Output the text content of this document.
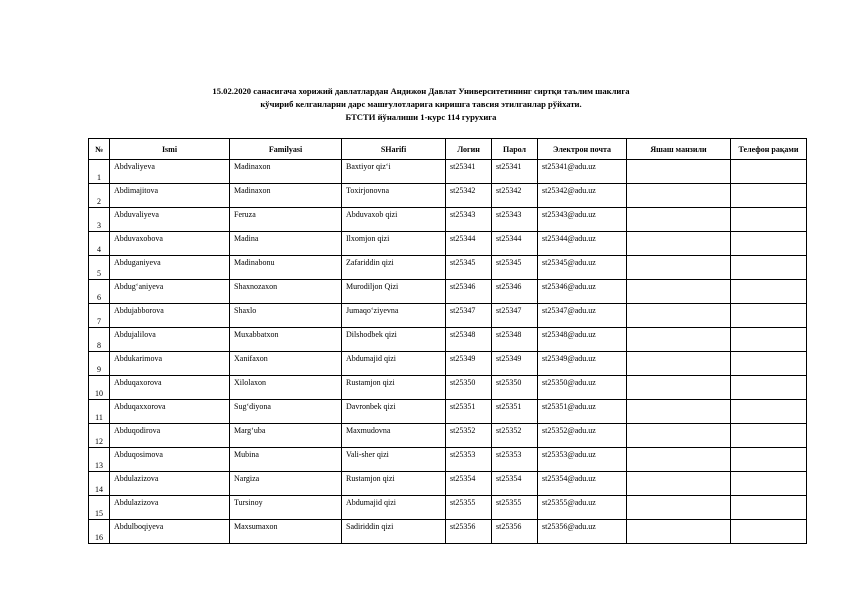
15.02.2020 санасигача хорижий давлатлардан Андижон Давлат Университетининг сиртқи таълим шаклига
кўчириб келганларни дарс машғулотларига киришга тавсия этилганлар рўйхати.
БТСТИ йўналиши 1-курс 114 гурухига
№	Ismi	Familyasi	SHarifi	Логин	Парол	Электрон почта	Яшаш манзили	Телефон рақами
1	Abdvaliyeva	Madinaxon	Baxtiyor qiz‘i	st25341	st25341	st25341@adu.uz		
2	Abdimajitova	Madinaxon	Toxirjonovna	st25342	st25342	st25342@adu.uz		
3	Abduvaliyeva	Feruza	Abduvaxob qizi	st25343	st25343	st25343@adu.uz		
4	Abduvaxobova	Madina	Ilxomjon qizi	st25344	st25344	st25344@adu.uz		
5	Abduganiyeva	Madinabonu	Zafariddin qizi	st25345	st25345	st25345@adu.uz		
6	Abdug‘aniyeva	Shaxnozaxon	Murodiljon Qizi	st25346	st25346	st25346@adu.uz		
7	Abdujabborova	Shaxlo	Jumaqo‘ziyevna	st25347	st25347	st25347@adu.uz		
8	Abdujalilova	Muxabbatxon	Dilshodbek qizi	st25348	st25348	st25348@adu.uz		
9	Abdukarimova	Xanifaxon	Abdumajid qizi	st25349	st25349	st25349@adu.uz		
10	Abduqaxorova	Xilolaxon	Rustamjon qizi	st25350	st25350	st25350@adu.uz		
11	Abduqaxxorova	Sug‘diyona	Davronbek qizi	st25351	st25351	st25351@adu.uz		
12	Abduqodirova	Marg‘uba	Maxmudovna	st25352	st25352	st25352@adu.uz		
13	Abduqosimova	Mubina	Vali-sher qizi	st25353	st25353	st25353@adu.uz		
14	Abdulazizova	Nargiza	Rustamjon qizi	st25354	st25354	st25354@adu.uz		
15	Abdulazizova	Tursinoy	Abdumajid qizi	st25355	st25355	st25355@adu.uz		
16	Abdulboqiyeva	Maxsumaxon	Sadiriddin qizi	st25356	st25356	st25356@adu.uz		
